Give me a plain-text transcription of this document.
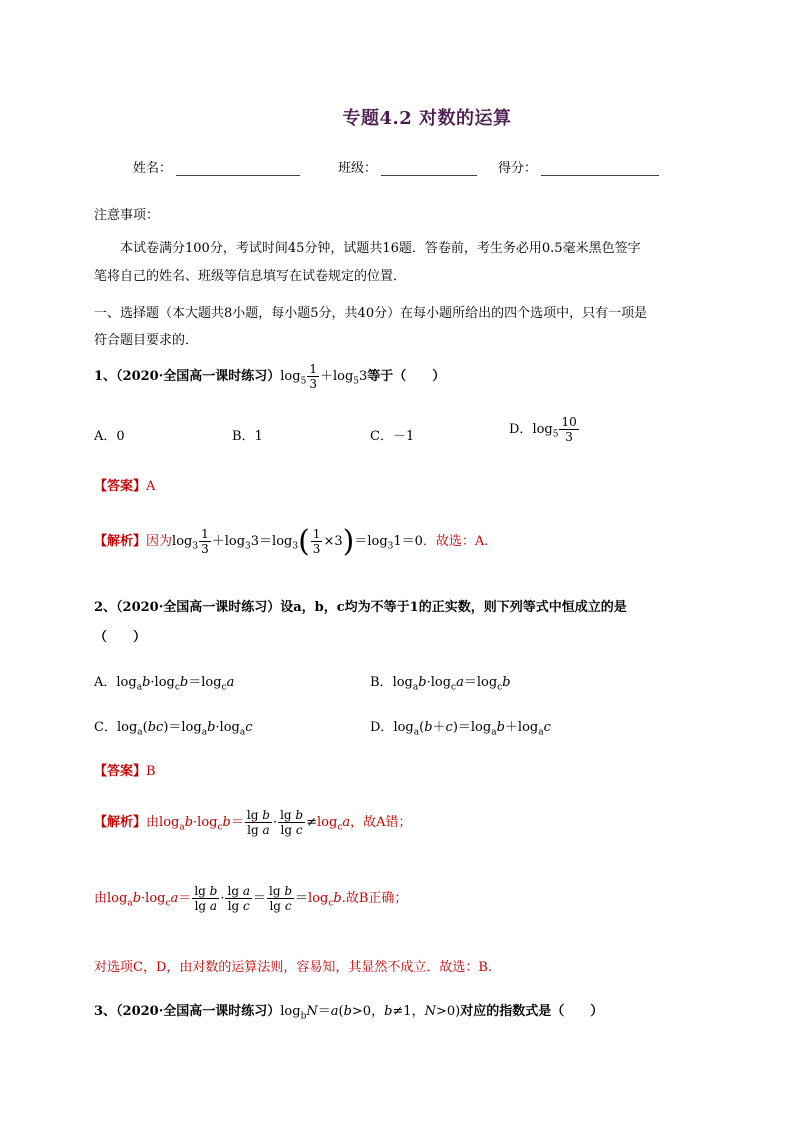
专题4.2 对数的运算
姓名：	班级：	得分：
注意事项：
本试卷满分100分，考试时间45分钟，试题共16题．答卷前，考生务必用0.5毫米黑色签字
笔将自己的姓名、班级等信息填写在试卷规定的位置．
一、选择题（本大题共8小题，每小题5分，共40分）在每小题所给出的四个选项中，只有一项是
符合题目要求的．
1、（2020·全国高一课时练习）$\log_5 \frac{1}{3} +\log_53$等于（　　）
A．0	B．1	C．－1	D．$\log_5 \frac{10}{3}$
【答案】A
【解析】因为$\log_3 \frac{1}{3} +\log_33=\log_3( \frac{1}{3} \times 3)=\log_31=0$．故选：A.
2、（2020·全国高一课时练习）设a，b，c均为不等于1的正实数，则下列等式中恒成立的是
（　　）
A．$\log_ab\cdot\log_cb=\log_ca$	B．$\log_ab\cdot\log_ca=\log_cb$
C．$\log_a(bc)=\log_ab\cdot\log_ac$	D．$\log_a(b+c)=\log_ab+\log_ac$
【答案】B
【解析】由$\log_ab\cdot\log_cb= \frac{\text{lg b}}{\text{lg a}} \cdot \frac{\text{lg b}}{\text{lg c}} \ne\log_ca$，故A错；
由$\log_ab\cdot\log_ca= \frac{\text{lg b}}{\text{lg a}} \cdot \frac{\text{lg a}}{\text{lg c}} = \frac{\text{lg b}}{\text{lg c}} =\log_cb$.故B正确；
对选项C，D，由对数的运算法则，容易知，其显然不成立．故选：B.
3、（2020·全国高一课时练习）$\log_bN=a(b>0$，b≠1，N>0)对应的指数式是（　　）
